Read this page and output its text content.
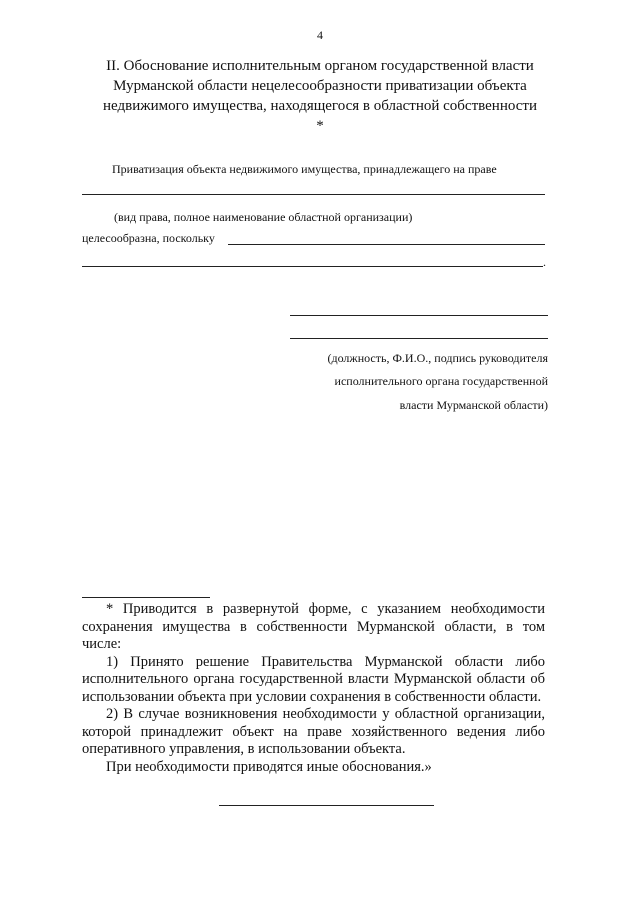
4
II. Обоснование исполнительным органом государственной власти Мурманской области нецелесообразности приватизации объекта недвижимого имущества, находящегося в областной собственности *
Приватизация объекта недвижимого имущества, принадлежащего на праве
(вид права, полное наименование областной организации)
целесообразна, поскольку
.
(должность, Ф.И.О., подпись руководителя
исполнительного органа государственной
власти Мурманской области)
* Приводится в развернутой форме, с указанием необходимости сохранения имущества в собственности Мурманской области, в том числе:
1) Принято решение Правительства Мурманской области либо исполнительного органа государственной власти Мурманской области об использовании объекта при условии сохранения в собственности области.
2) В случае возникновения необходимости у областной организации, которой принадлежит объект на праве хозяйственного ведения либо оперативного управления, в использовании объекта.
При необходимости приводятся иные обоснования.»
